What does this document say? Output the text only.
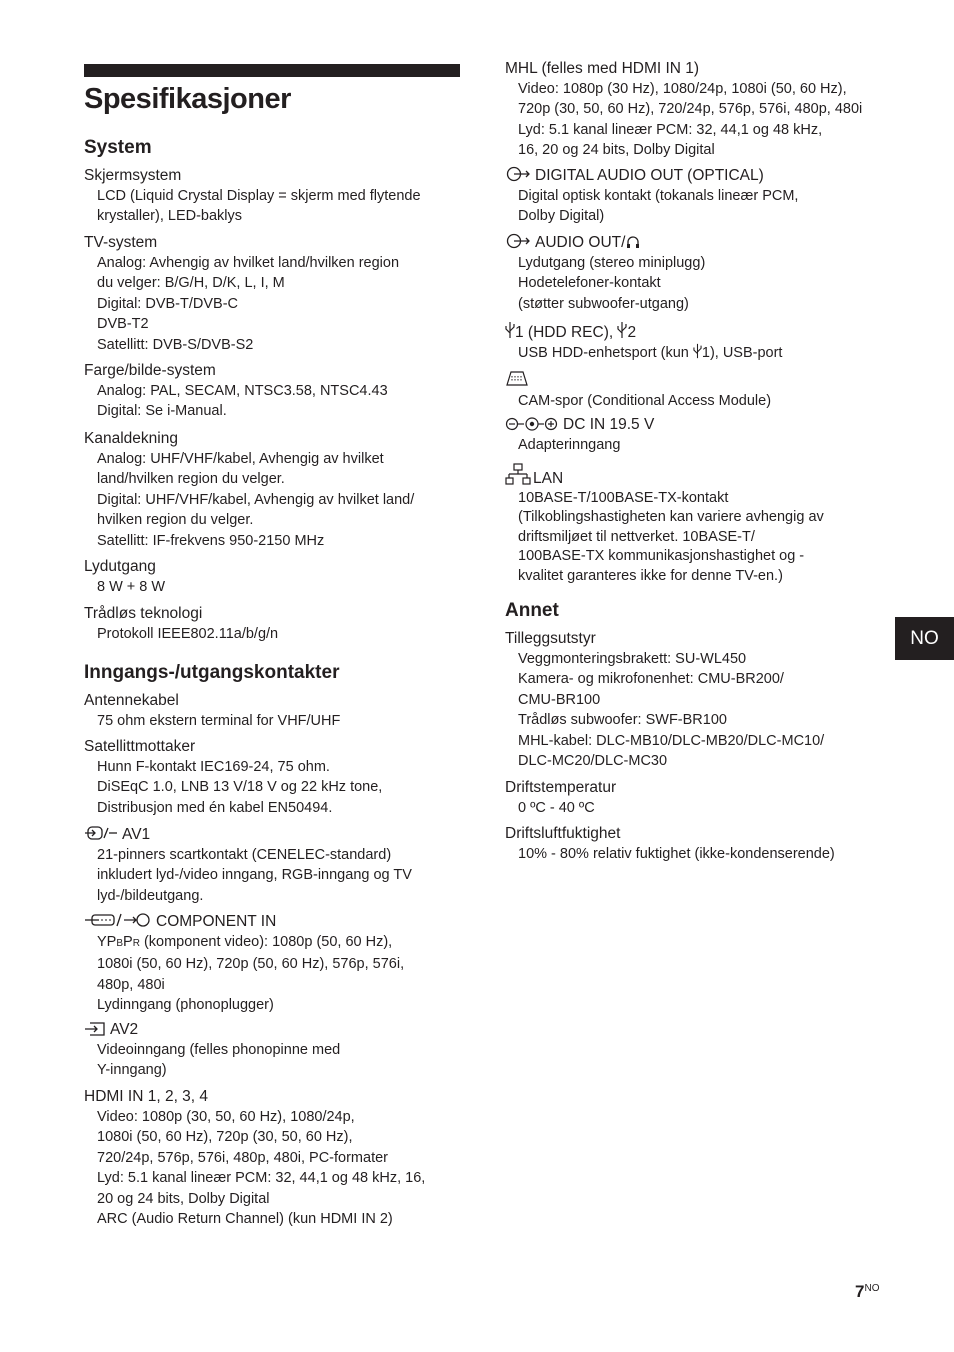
Spesifikasjoner
System

Skjermsystem

LCD (Liquid Crystal Display = skjerm med flytende
krystaller), LED-baklys

TV-system

Analog: Avhengig av hvilket land/hvilken region
du velger: B/G/H, D/K, L, I, M
Digital: DVB-T/DVB-C
DVB-T2
Satellitt: DVB-S/DVB-S2

Farge/bilde-system

Analog: PAL, SECAM, NTSC3.58, NTSC4.43
Digital: Se i-Manual.

Kanaldekning

Analog: UHF/VHF/kabel, Avhengig av hvilket
land/hvilken region du velger.
Digital: UHF/VHF/kabel, Avhengig av hvilket land/
hvilken region du velger.
Satellitt: IF-frekvens 950-2150 MHz

Lydutgang

8 W + 8 W

Trådløs teknologi

Protokoll IEEE802.11a/b/g/n

Inngangs-/utgangskontakter

Antennekabel

75 ohm ekstern terminal for VHF/UHF

Satellittmottaker

Hunn F-kontakt IEC169-24, 75 ohm.
DiSEqC 1.0, LNB 13 V/18 V og 22 kHz tone,
Distribusjon med én kabel EN50494.

AV1

21-pinners scartkontakt (CENELEC-standard)
inkludert lyd-/video inngang, RGB-inngang og TV
lyd-/bildeutgang.

COMPONENT IN

YPBPR (komponent video): 1080p (50, 60 Hz),
1080i (50, 60 Hz), 720p (50, 60 Hz), 576p, 576i,
480p, 480i
Lydinngang (phonoplugger)

AV2

Videoinngang (felles phonopinne med
Y-inngang)

HDMI IN 1, 2, 3, 4

Video: 1080p (30, 50, 60 Hz), 1080/24p,
1080i (50, 60 Hz), 720p (30, 50, 60 Hz),
720/24p, 576p, 576i, 480p, 480i, PC-formater
Lyd: 5.1 kanal lineær PCM: 32, 44,1 og 48 kHz, 16,
20 og 24 bits, Dolby Digital
ARC (Audio Return Channel) (kun HDMI IN 2)

MHL (felles med HDMI IN 1)

Video: 1080p (30 Hz), 1080/24p, 1080i (50, 60 Hz),
720p (30, 50, 60 Hz), 720/24p, 576p, 576i, 480p, 480i
Lyd: 5.1 kanal lineær PCM: 32, 44,1 og 48 kHz,
16, 20 og 24 bits, Dolby Digital

DIGITAL AUDIO OUT (OPTICAL)

Digital optisk kontakt (tokanals lineær PCM,
Dolby Digital)

AUDIO OUT/

Lydutgang (stereo miniplugg)
Hodetelefoner-kontakt
(støtter subwoofer-utgang)

1 (HDD REC), 2

USB HDD-enhetsport (kun 1), USB-port

CAM-spor (Conditional Access Module)

DC IN 19.5 V

Adapterinngang

LAN

10BASE-T/100BASE-TX-kontakt
(Tilkoblingshastigheten kan variere avhengig av
driftsmiljøet til nettverket. 10BASE-T/
100BASE-TX kommunikasjonshastighet og -
kvalitet garanteres ikke for denne TV-en.)

Annet

Tilleggsutstyr

Veggmonteringsbrakett: SU-WL450
Kamera- og mikrofonenhet: CMU-BR200/
CMU-BR100
Trådløs subwoofer: SWF-BR100
MHL-kabel: DLC-MB10/DLC-MB20/DLC-MC10/
DLC-MC20/DLC-MC30

Driftstemperatur

0 ºC - 40 ºC

Driftsluftfuktighet

10% - 80% relativ fuktighet (ikke-kondenserende)

NO
$7^{NO}$
